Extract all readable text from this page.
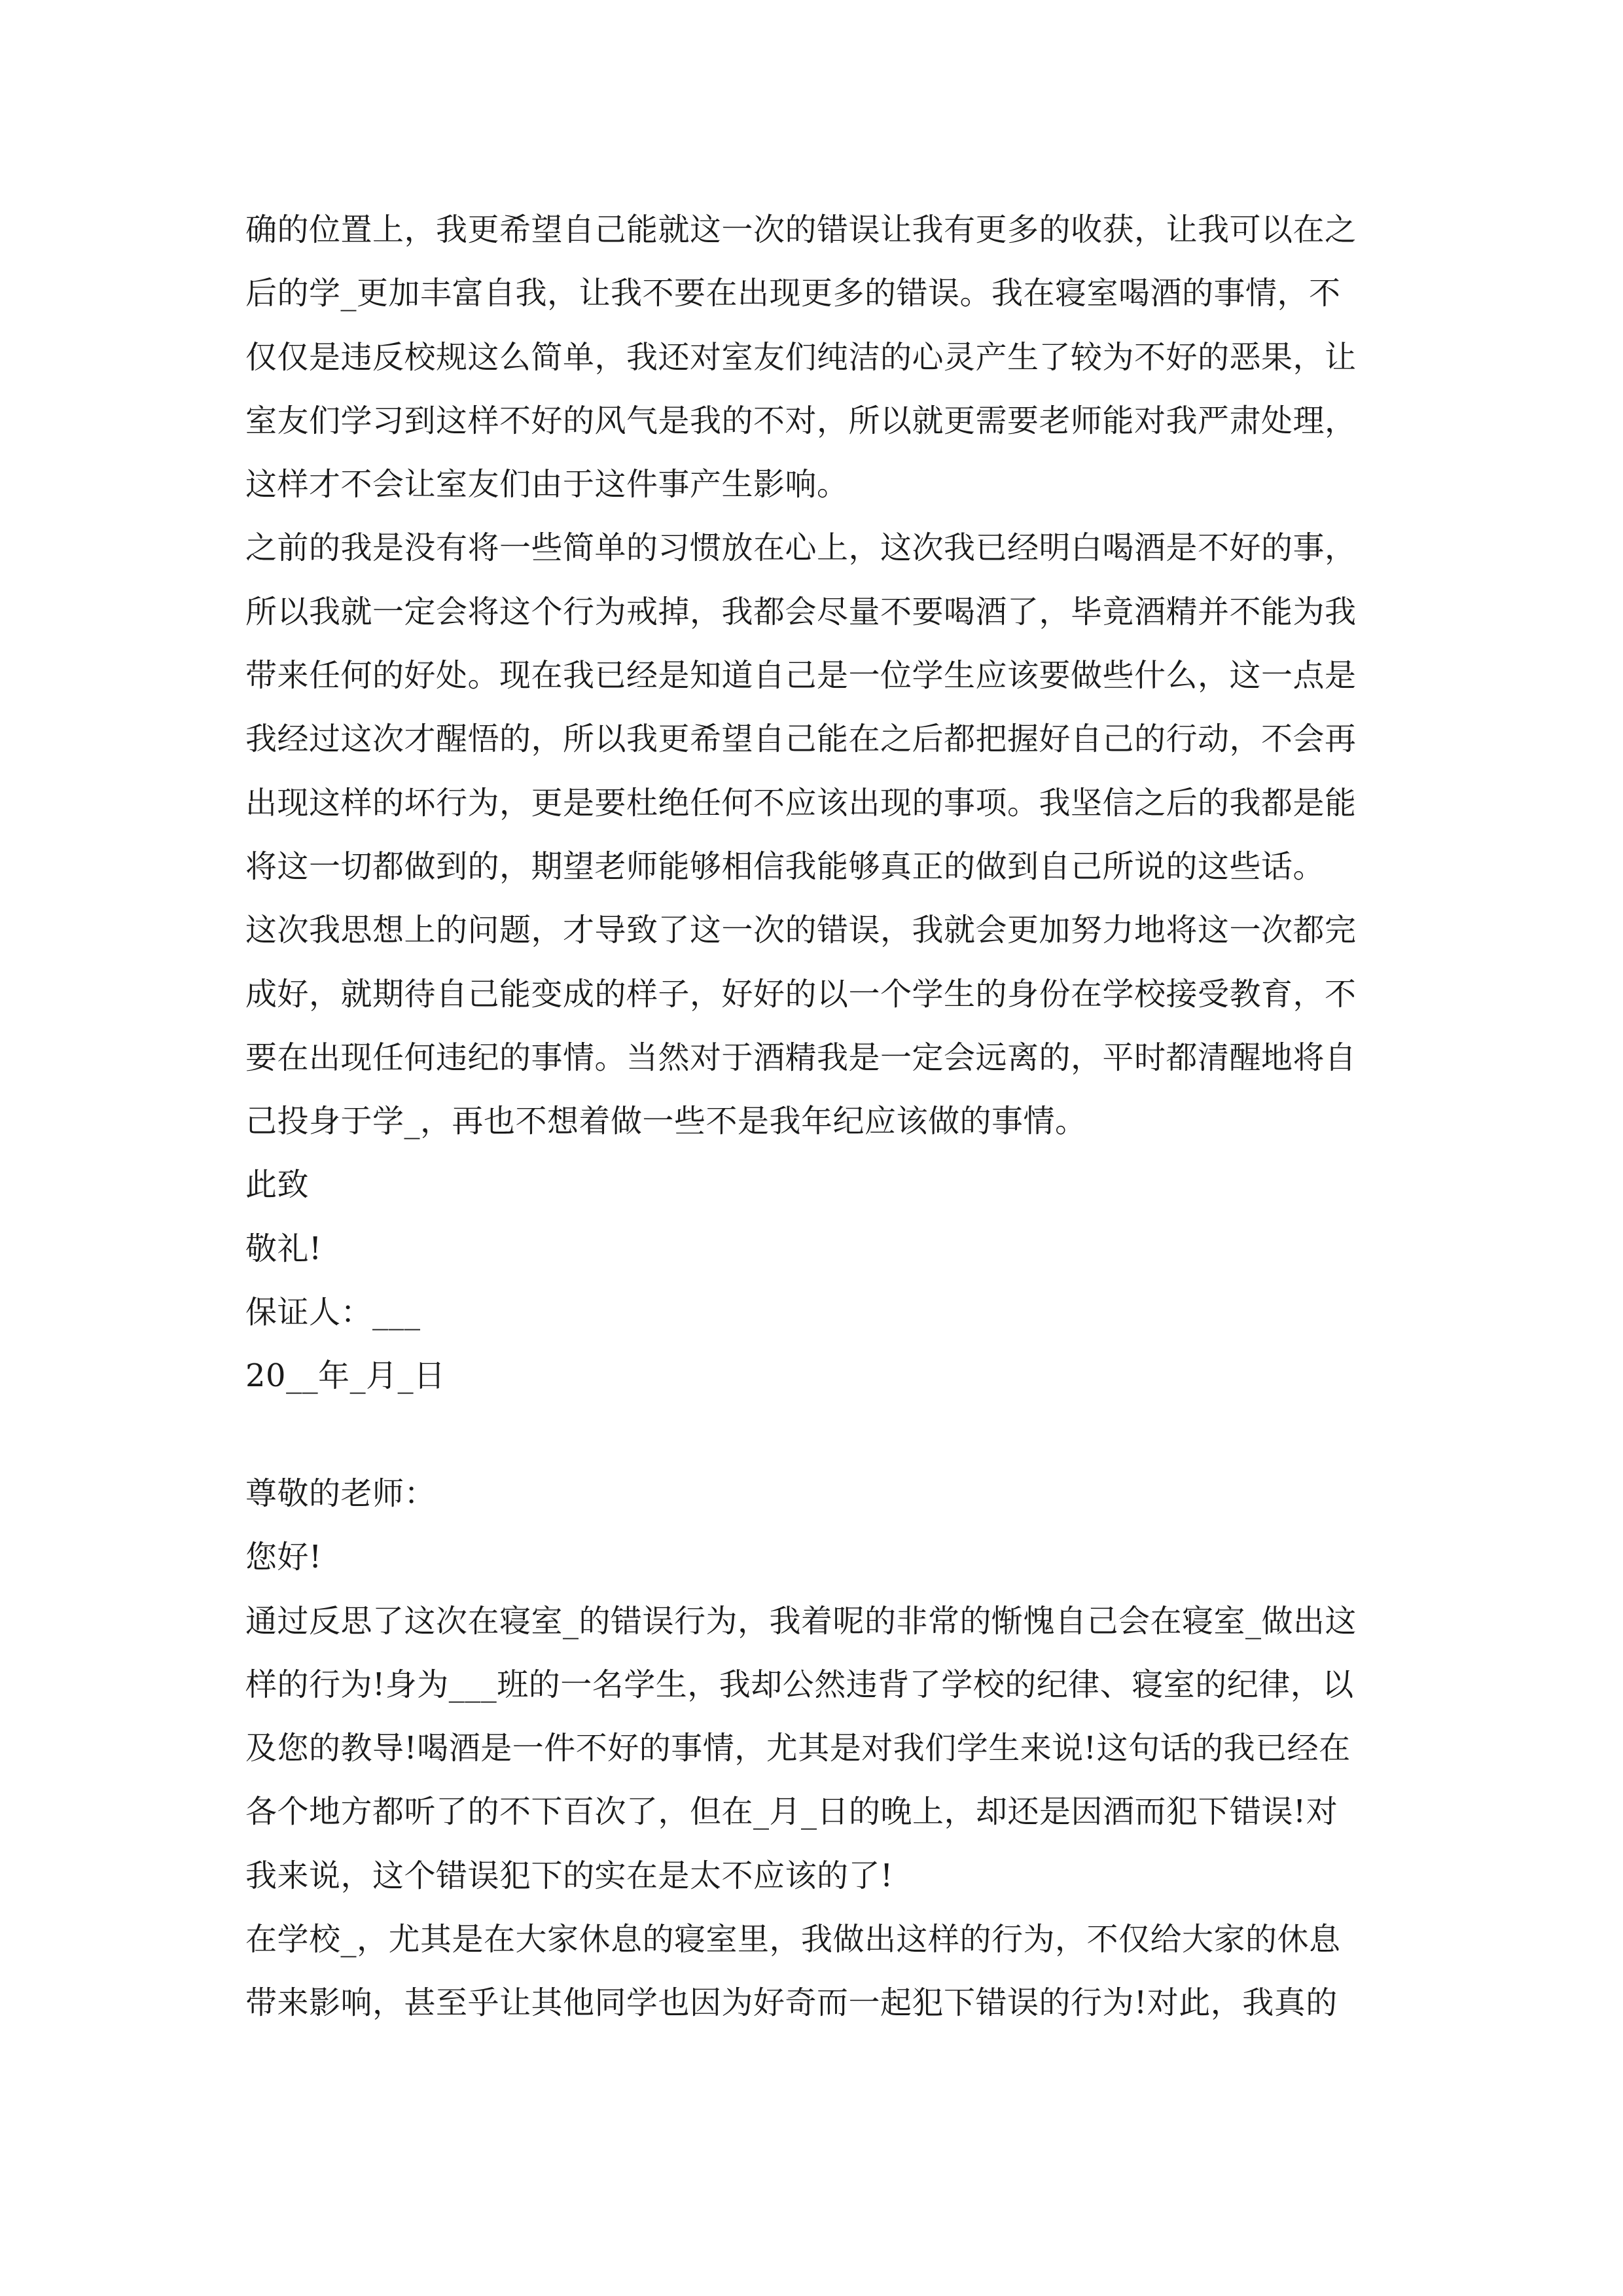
确的位置上，我更希望自己能就这一次的错误让我有更多的收获，让我可以在之
后的学_更加丰富自我，让我不要在出现更多的错误。我在寝室喝酒的事情，不
仅仅是违反校规这么简单，我还对室友们纯洁的心灵产生了较为不好的恶果，让
室友们学习到这样不好的风气是我的不对，所以就更需要老师能对我严肃处理，
这样才不会让室友们由于这件事产生影响。
之前的我是没有将一些简单的习惯放在心上，这次我已经明白喝酒是不好的事，
所以我就一定会将这个行为戒掉，我都会尽量不要喝酒了，毕竟酒精并不能为我
带来任何的好处。现在我已经是知道自己是一位学生应该要做些什么，这一点是
我经过这次才醒悟的，所以我更希望自己能在之后都把握好自己的行动，不会再
出现这样的坏行为，更是要杜绝任何不应该出现的事项。我坚信之后的我都是能
将这一切都做到的，期望老师能够相信我能够真正的做到自己所说的这些话。
这次我思想上的问题，才导致了这一次的错误，我就会更加努力地将这一次都完
成好，就期待自己能变成的样子，好好的以一个学生的身份在学校接受教育，不
要在出现任何违纪的事情。当然对于酒精我是一定会远离的，平时都清醒地将自
己投身于学_，再也不想着做一些不是我年纪应该做的事情。
此致
敬礼!
保证人：___
20__年_月_日
尊敬的老师：
您好!
通过反思了这次在寝室_的错误行为，我着呢的非常的惭愧自己会在寝室_做出这
样的行为!身为___班的一名学生，我却公然违背了学校的纪律、寝室的纪律，以
及您的教导!喝酒是一件不好的事情，尤其是对我们学生来说!这句话的我已经在
各个地方都听了的不下百次了，但在_月_日的晚上，却还是因酒而犯下错误!对
我来说，这个错误犯下的实在是太不应该的了!
在学校_，尤其是在大家休息的寝室里，我做出这样的行为，不仅给大家的休息
带来影响，甚至乎让其他同学也因为好奇而一起犯下错误的行为!对此，我真的
